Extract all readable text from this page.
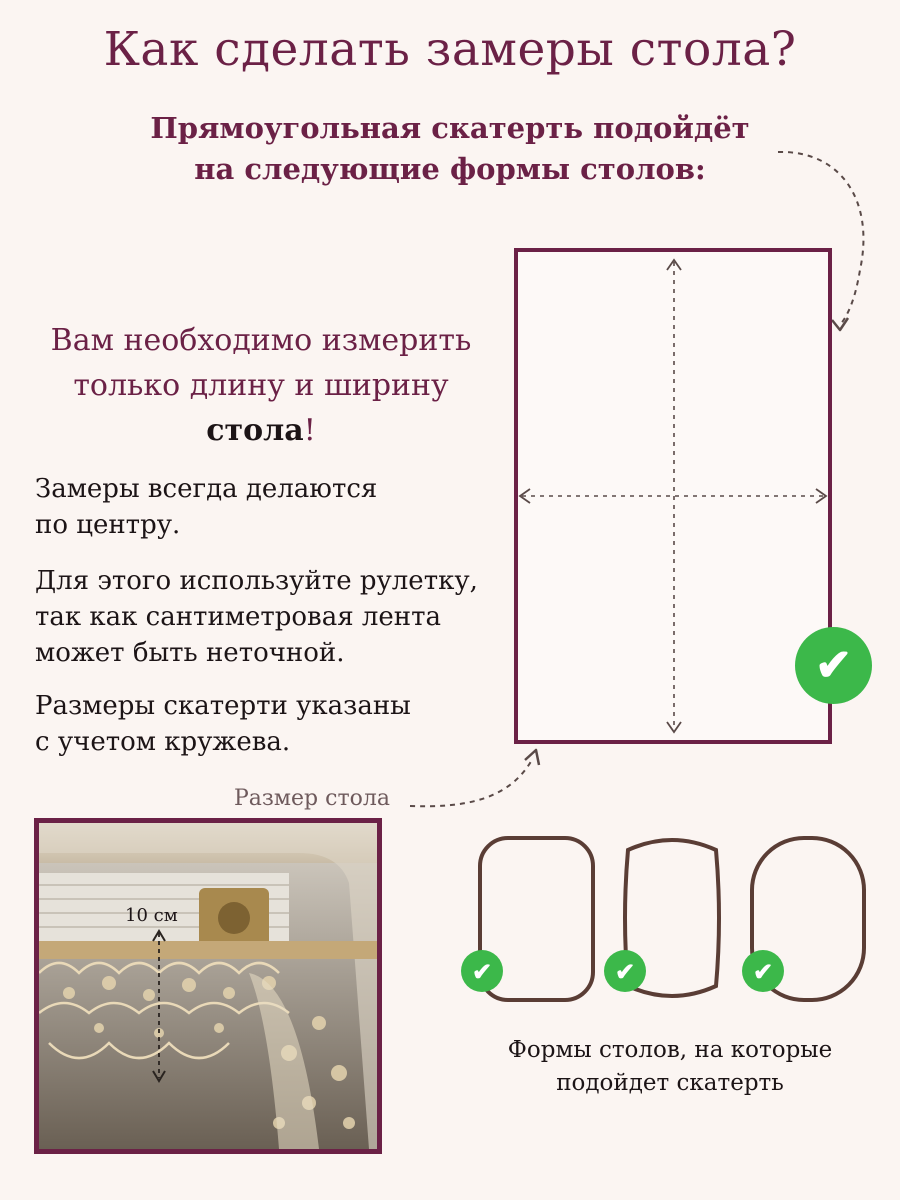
Как сделать замеры стола?
Прямоугольная скатерть подойдёт
на следующие формы столов:
✔
Вам необходимо измерить
только длину и ширину
стола!
Замеры всегда делаются
по центру.
Для этого используйте рулетку,
так как сантиметровая лента
может быть неточной.
Размеры скатерти указаны
с учетом кружева.
Размер стола
10 см
✔	✔	✔
Формы столов, на которые
подойдет скатерть
